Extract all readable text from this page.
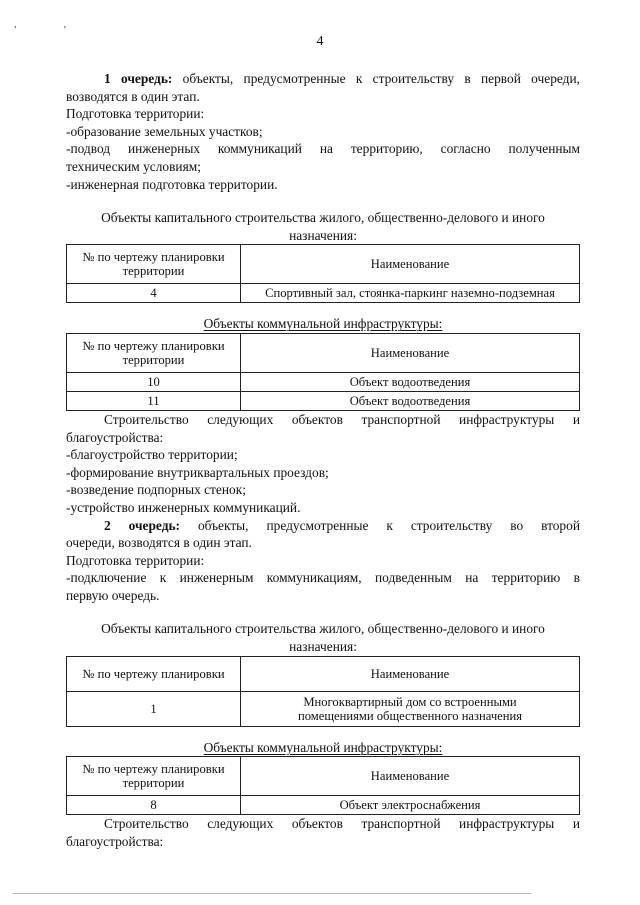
, ,
4

1 очередь: объекты, предусмотренные к строительству в первой очереди,

возводятся в один этап.

Подготовка территории:

-образование земельных участков;

-подвод инженерных коммуникаций на территорию, согласно полученным

техническим условиям;

-инженерная подготовка территории.

Объекты капитального строительства жилого, общественно-делового и иного

назначения:

№ по чертежу планировки территории	Наименование
4	Спортивный зал, стоянка-паркинг наземно-подземная

Объекты коммунальной инфраструктуры:

№ по чертежу планировки территории	Наименование
10	Объект водоотведения
11	Объект водоотведения

Строительство следующих объектов транспортной инфраструктуры и

благоустройства:

-благоустройство территории;

-формирование внутриквартальных проездов;

-возведение подпорных стенок;

-устройство инженерных коммуникаций.

2 очередь: объекты, предусмотренные к строительству во второй

очереди, возводятся в один этап.

Подготовка территории:

-подключение к инженерным коммуникациям, подведенным на территорию в

первую очередь.

Объекты капитального строительства жилого, общественно-делового и иного

назначения:

№ по чертежу планировки	Наименование
1	Многоквартирный дом со встроенными
помещениями общественного назначения

Объекты коммунальной инфраструктуры:

№ по чертежу планировки территории	Наименование
8	Объект электроснабжения

Строительство следующих объектов транспортной инфраструктуры и

благоустройства:
